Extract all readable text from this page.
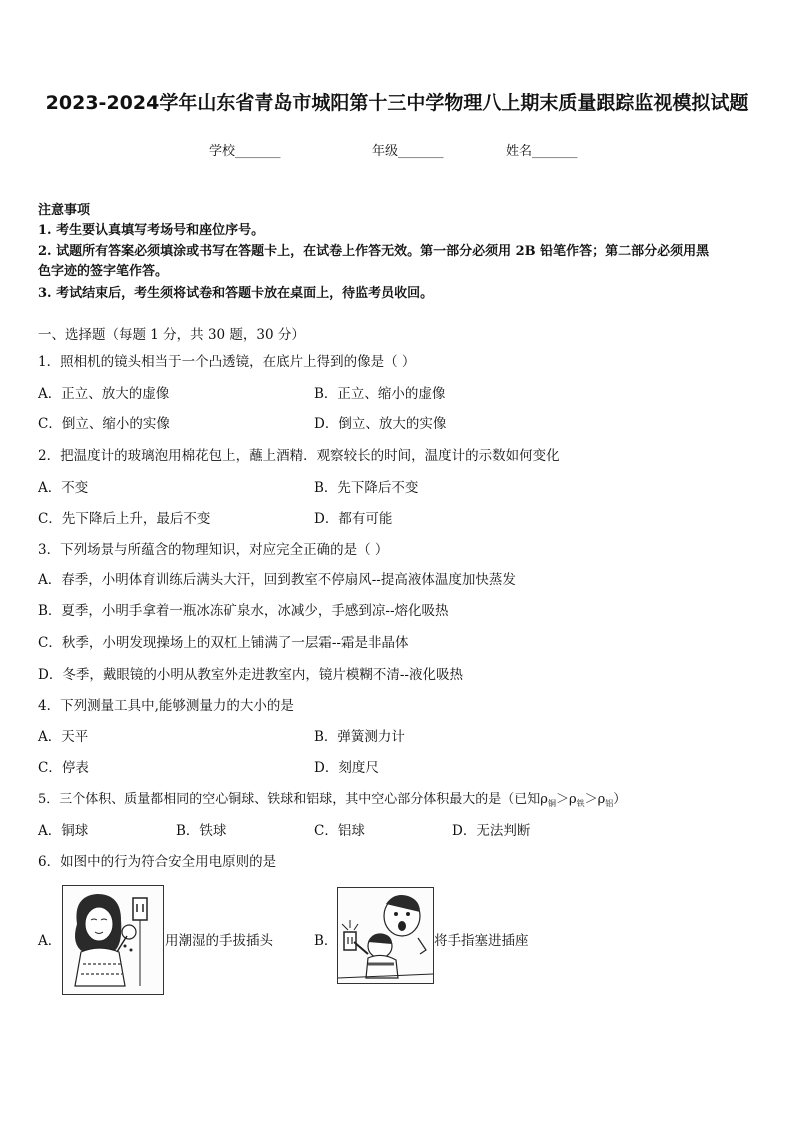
2023-2024学年山东省青岛市城阳第十三中学物理八上期末质量跟踪监视模拟试题
学校_______	年级_______	姓名_______
注意事项
1. 考生要认真填写考场号和座位序号。
2. 试题所有答案必须填涂或书写在答题卡上，在试卷上作答无效。第一部分必须用 2B 铅笔作答；第二部分必须用黑
色字迹的签字笔作答。
3. 考试结束后，考生须将试卷和答题卡放在桌面上，待监考员收回。
一、选择题（每题 1 分，共 30 题，30 分）
1．照相机的镜头相当于一个凸透镜，在底片上得到的像是（ ）
A．正立、放大的虚像	B．正立、缩小的虚像
C．倒立、缩小的实像	D．倒立、放大的实像
2．把温度计的玻璃泡用棉花包上，蘸上酒精．观察较长的时间，温度计的示数如何变化
A．不变	B．先下降后不变
C．先下降后上升，最后不变	D．都有可能
3．下列场景与所蕴含的物理知识，对应完全正确的是（ ）
A．春季，小明体育训练后满头大汗，回到教室不停扇风--提高液体温度加快蒸发
B．夏季，小明手拿着一瓶冰冻矿泉水，冰减少，手感到凉--熔化吸热
C．秋季，小明发现操场上的双杠上铺满了一层霜--霜是非晶体
D．冬季，戴眼镜的小明从教室外走进教室内，镜片模糊不清--液化吸热
4．下列测量工具中,能够测量力的大小的是
A．天平	B．弹簧测力计
C．停表	D．刻度尺
5．三个体积、质量都相同的空心铜球、铁球和铝球，其中空心部分体积最大的是（已知$\rho_铜>\rho_铁>\rho_铝$）
A．铜球	B．铁球	C．铝球	D．无法判断
6．如图中的行为符合安全用电原则的是
A．	用潮湿的手拔插头	B．	将手指塞进插座
